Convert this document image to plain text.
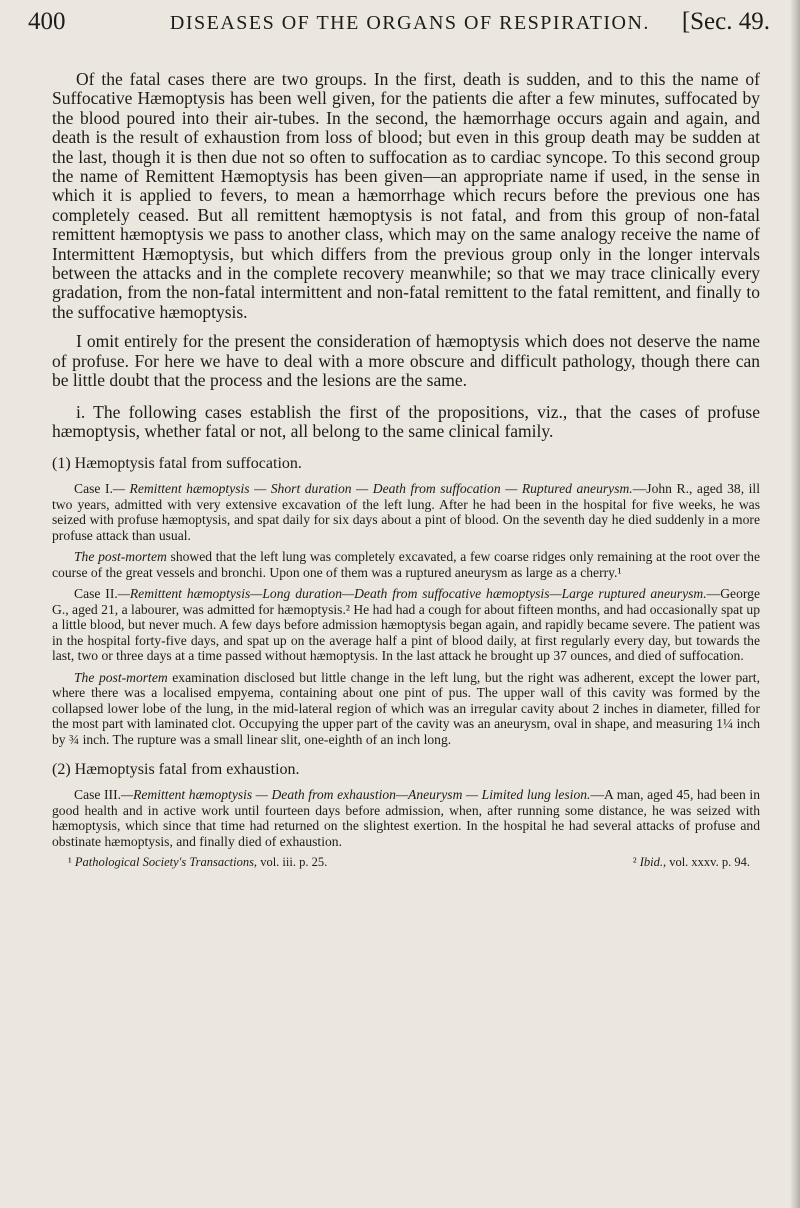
400	DISEASES OF THE ORGANS OF RESPIRATION.	[Sec. 49.

Of the fatal cases there are two groups. In the first, death is sudden, and to this the name of Suffocative Hæmoptysis has been well given, for the patients die after a few minutes, suffocated by the blood poured into their air-tubes. In the second, the hæmorrhage occurs again and again, and death is the result of exhaustion from loss of blood; but even in this group death may be sudden at the last, though it is then due not so often to suffocation as to cardiac syncope. To this second group the name of Remittent Hæmoptysis has been given—an appropriate name if used, in the sense in which it is applied to fevers, to mean a hæmorrhage which recurs before the previous one has completely ceased. But all remittent hæmoptysis is not fatal, and from this group of non-fatal remittent hæmoptysis we pass to another class, which may on the same analogy receive the name of Intermittent Hæmoptysis, but which differs from the previous group only in the longer intervals between the attacks and in the complete recovery meanwhile; so that we may trace clinically every gradation, from the non-fatal intermittent and non-fatal remittent to the fatal remittent, and finally to the suffocative hæmoptysis.

I omit entirely for the present the consideration of hæmoptysis which does not deserve the name of profuse. For here we have to deal with a more obscure and difficult pathology, though there can be little doubt that the process and the lesions are the same.

i. The following cases establish the first of the propositions, viz., that the cases of profuse hæmoptysis, whether fatal or not, all belong to the same clinical family.

(1) Hæmoptysis fatal from suffocation.

Case I.— Remittent hæmoptysis — Short duration — Death from suffocation — Ruptured aneurysm.—John R., aged 38, ill two years, admitted with very extensive excavation of the left lung. After he had been in the hospital for five weeks, he was seized with profuse hæmoptysis, and spat daily for six days about a pint of blood. On the seventh day he died suddenly in a more profuse attack than usual.

The post-mortem showed that the left lung was completely excavated, a few coarse ridges only remaining at the root over the course of the great vessels and bronchi. Upon one of them was a ruptured aneurysm as large as a cherry.¹

Case II.—Remittent hæmoptysis—Long duration—Death from suffocative hæmoptysis—Large ruptured aneurysm.—George G., aged 21, a labourer, was admitted for hæmoptysis.² He had had a cough for about fifteen months, and had occasionally spat up a little blood, but never much. A few days before admission hæmoptysis began again, and rapidly became severe. The patient was in the hospital forty-five days, and spat up on the average half a pint of blood daily, at first regularly every day, but towards the last, two or three days at a time passed without hæmoptysis. In the last attack he brought up 37 ounces, and died of suffocation.

The post-mortem examination disclosed but little change in the left lung, but the right was adherent, except the lower part, where there was a localised empyema, containing about one pint of pus. The upper wall of this cavity was formed by the collapsed lower lobe of the lung, in the mid-lateral region of which was an irregular cavity about 2 inches in diameter, filled for the most part with laminated clot. Occupying the upper part of the cavity was an aneurysm, oval in shape, and measuring 1¼ inch by ¾ inch. The rupture was a small linear slit, one-eighth of an inch long.

(2) Hæmoptysis fatal from exhaustion.

Case III.—Remittent hæmoptysis — Death from exhaustion—Aneurysm — Limited lung lesion.—A man, aged 45, had been in good health and in active work until fourteen days before admission, when, after running some distance, he was seized with hæmoptysis, which since that time had returned on the slightest exertion. In the hospital he had several attacks of profuse and obstinate hæmoptysis, and finally died of exhaustion.

¹ Pathological Society's Transactions, vol. iii. p. 25.	² Ibid., vol. xxxv. p. 94.
